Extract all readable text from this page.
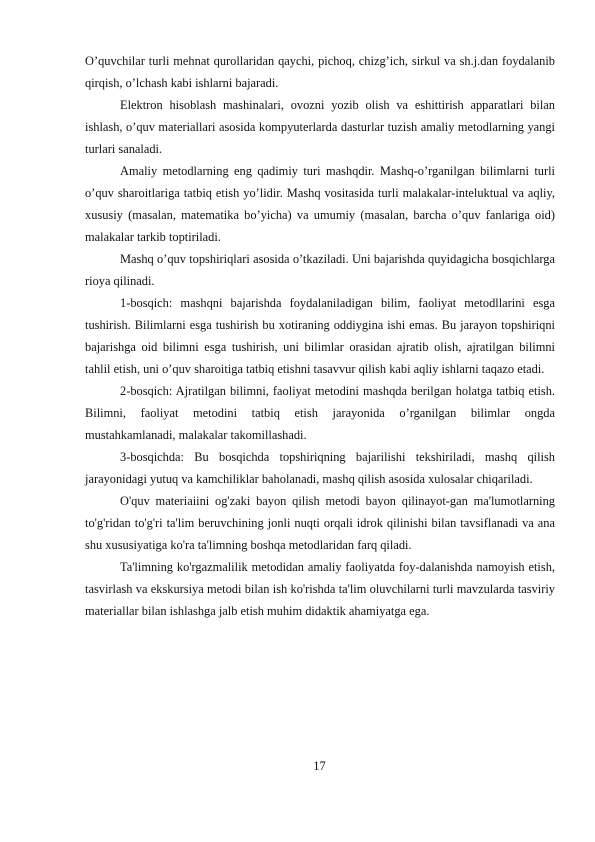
O’quvchilar turli mehnat qurollaridan qaychi, pichoq, chizg’ich, sirkul va sh.j.dan foydalanib qirqish, o’lchash kabi ishlarni bajaradi.

Elektron hisoblash mashinalari, ovozni yozib olish va eshittirish apparatlari bilan ishlash, o’quv materiallari asosida kompyuterlarda dasturlar tuzish amaliy metodlarning yangi turlari sanaladi.

Amaliy metodlarning eng qadimiy turi mashqdir. Mashq-o’rganilgan bilimlarni turli o’quv sharoitlariga tatbiq etish yo’lidir. Mashq vositasida turli malakalar-inteluktual va aqliy, xususiy (masalan, matematika bo’yicha) va umumiy (masalan, barcha o’quv fanlariga oid) malakalar tarkib toptiriladi.

Mashq o’quv topshiriqlari asosida o’tkaziladi. Uni bajarishda quyidagicha bosqichlarga rioya qilinadi.

1-bosqich: mashqni bajarishda foydalaniladigan bilim, faoliyat metodllarini esga tushirish. Bilimlarni esga tushirish bu xotiraning oddiygina ishi emas. Bu jarayon topshiriqni bajarishga oid bilimni esga tushirish, uni bilimlar orasidan ajratib olish, ajratilgan bilimni tahlil etish, uni o’quv sharoitiga tatbiq etishni tasavvur qilish kabi aqliy ishlarni taqazo etadi.

2-bosqich: Ajratilgan bilimni, faoliyat metodini mashqda berilgan holatga tatbiq etish. Bilimni, faoliyat metodini tatbiq etish jarayonida o’rganilgan bilimlar ongda mustahkamlanadi, malakalar takomillashadi.

3-bosqichda: Bu bosqichda topshiriqning bajarilishi tekshiriladi, mashq qilish jarayonidagi yutuq va kamchiliklar baholanadi, mashq qilish asosida xulosalar chiqariladi.

O'quv materiaiini og'zaki bayon qilish metodi bayon qilinayot-gan ma'lumotlarning to'g'ridan to'g'ri ta'lim beruvchining jonli nuqti orqali idrok qilinishi bilan tavsiflanadi va ana shu xususiyatiga ko'ra ta'limning boshqa metodlaridan farq qiladi.

Ta'limning ko'rgazmalilik metodidan amaliy faoliyatda foy-dalanishda namoyish etish, tasvirlash va ekskursiya metodi bilan ish ko'rishda ta'lim oluvchilarni turli mavzularda tasviriy materiallar bilan ishlashga jalb etish muhim didaktik ahamiyatga ega.

17
